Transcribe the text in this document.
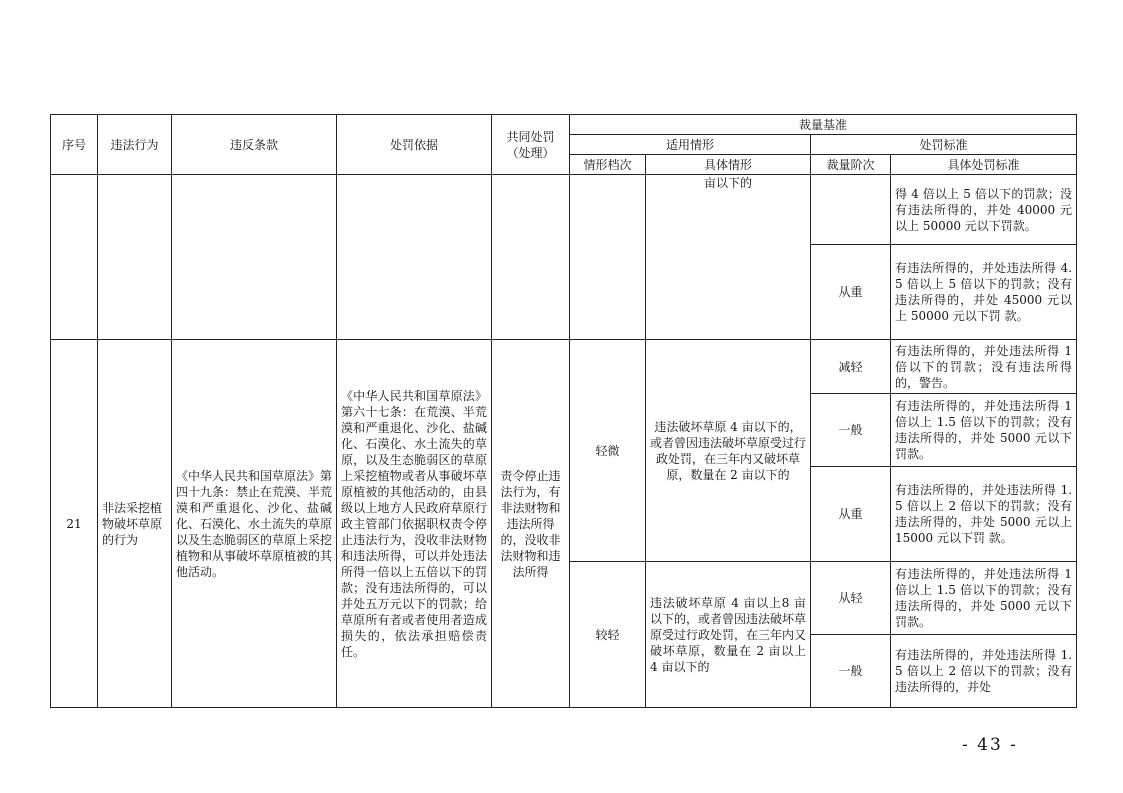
序号	违法行为	违反条款	处罚依据	共同处罚（处理）	裁量基准			
					适用情形		处罚标准	
					情形档次	具体情形	裁量阶次	具体处罚标准
						亩以下的		得 4 倍以上 5 倍以下的罚款；没有违法所得的，并处 40000 元以上 50000 元以下罚款。
							从重	有违法所得的，并处违法所得 4.5 倍以上 5 倍以下的罚款；没有违法所得的，并处 45000 元以上 50000 元以下罚 款。
21	非法采挖植物破坏草原的行为	《中华人民共和国草原法》第四十九条：禁止在荒漠、半荒漠和严重退化、沙化、盐碱化、石漠化、水土流失的草原以及生态脆弱区的草原上采挖植物和从事破坏草原植被的其他活动。	《中华人民共和国草原法》第六十七条：在荒漠、半荒漠和严重退化、沙化、盐碱化、石漠化、水土流失的草原，以及生态脆弱区的草原上采挖植物或者从事破坏草原植被的其他活动的，由县级以上地方人民政府草原行政主管部门依据职权责令停止违法行为，没收非法财物和违法所得，可以并处违法所得一倍以上五倍以下的罚款；没有违法所得的，可以并处五万元以下的罚款；给草原所有者或者使用者造成损失的，依法承担赔偿责任。	责令停止违法行为，有非法财物和违法所得的，没收非法财物和违法所得	轻微	违法破坏草原 4 亩以下的，或者曾因违法破坏草原受过行政处罚，在三年内又破坏草原，数量在 2 亩以下的	减轻	有违法所得的，并处违法所得 1 倍以下的罚款；没有违法所得的，警告。
							一般	有违法所得的，并处违法所得 1 倍以上 1.5 倍以下的罚款；没有违法所得的，并处 5000 元以下罚款。
							从重	有违法所得的，并处违法所得 1.5 倍以上 2 倍以下的罚款；没有违法所得的，并处 5000 元以上 15000 元以下罚 款。
					较轻	违法破坏草原 4 亩以上8 亩以下的，或者曾因违法破坏草原受过行政处罚，在三年内又破坏草原，数量在 2 亩以上 4 亩以下的	从轻	有违法所得的，并处违法所得 1 倍以上 1.5 倍以下的罚款；没有违法所得的，并处 5000 元以下罚款。
							一般	有违法所得的，并处违法所得 1.5 倍以上 2 倍以下的罚款；没有违法所得的，并处
- 43 -
